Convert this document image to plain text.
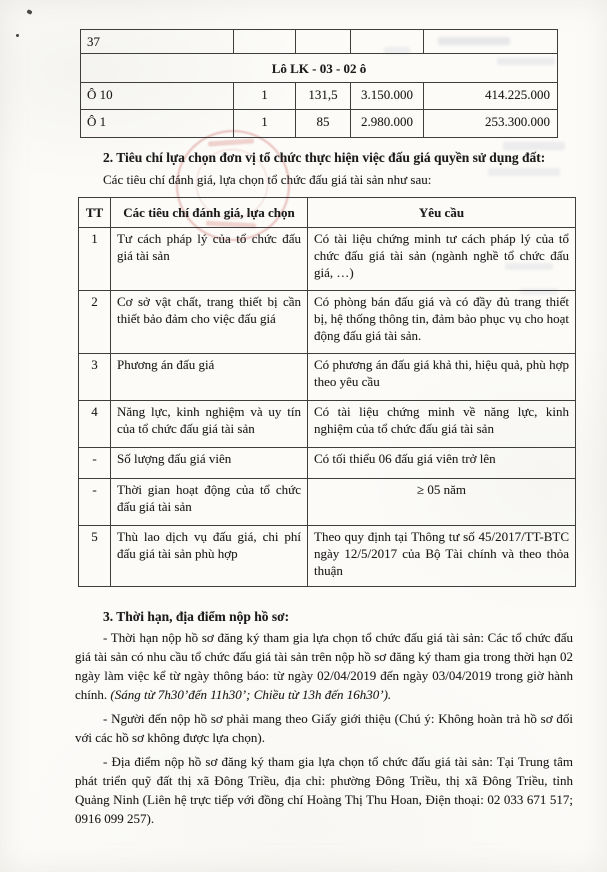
37				
Lô LK - 03 - 02 ô				
Ô 10	1	131,5	3.150.000	414.225.000
Ô 1	1	85	2.980.000	253.300.000
2. Tiêu chí lựa chọn đơn vị tổ chức thực hiện việc đấu giá quyền sử dụng đất:
Các tiêu chí đánh giá, lựa chọn tổ chức đấu giá tài sản như sau:
TT	Các tiêu chí đánh giá, lựa chọn	Yêu cầu
1	Tư cách pháp lý của tổ chức đấu giá tài sản	Có tài liệu chứng minh tư cách pháp lý của tổ chức đấu giá tài sản (ngành nghề tổ chức đấu giá, …)
2	Cơ sở vật chất, trang thiết bị cần thiết bảo đảm cho việc đấu giá	Có phòng bán đấu giá và có đầy đủ trang thiết bị, hệ thống thông tin, đảm bảo phục vụ cho hoạt động đấu giá tài sản.
3	Phương án đấu giá	Có phương án đấu giá khả thi, hiệu quả, phù hợp theo yêu cầu
4	Năng lực, kinh nghiệm và uy tín của tổ chức đấu giá tài sản	Có tài liệu chứng minh về năng lực, kinh nghiệm của tổ chức đấu giá tài sản
-	Số lượng đấu giá viên	Có tối thiểu 06 đấu giá viên trở lên
-	Thời gian hoạt động của tổ chức đấu giá tài sản	≥ 05 năm
5	Thù lao dịch vụ đấu giá, chi phí đấu giá tài sản phù hợp	Theo quy định tại Thông tư số 45/2017/TT-BTC ngày 12/5/2017 của Bộ Tài chính và theo thỏa thuận

3. Thời hạn, địa điểm nộp hồ sơ:

- Thời hạn nộp hồ sơ đăng ký tham gia lựa chọn tổ chức đấu giá tài sản: Các tổ chức đấu giá tài sản có nhu cầu tổ chức đấu giá tài sản trên nộp hồ sơ đăng ký tham gia trong thời hạn 02 ngày làm việc kể từ ngày thông báo: từ ngày 02/04/2019 đến ngày 03/04/2019 trong giờ hành chính. (Sáng từ 7h30’đến 11h30’; Chiều từ 13h đến 16h30’).

- Người đến nộp hồ sơ phải mang theo Giấy giới thiệu (Chú ý: Không hoàn trả hồ sơ đối với các hồ sơ không được lựa chọn).

- Địa điểm nộp hồ sơ đăng ký tham gia lựa chọn tổ chức đấu giá tài sản: Tại Trung tâm phát triển quỹ đất thị xã Đông Triều, địa chỉ: phường Đông Triều, thị xã Đông Triều, tỉnh Quảng Ninh (Liên hệ trực tiếp với đồng chí Hoàng Thị Thu Hoan, Điện thoại: 02 033 671 517; 0916 099 257).
